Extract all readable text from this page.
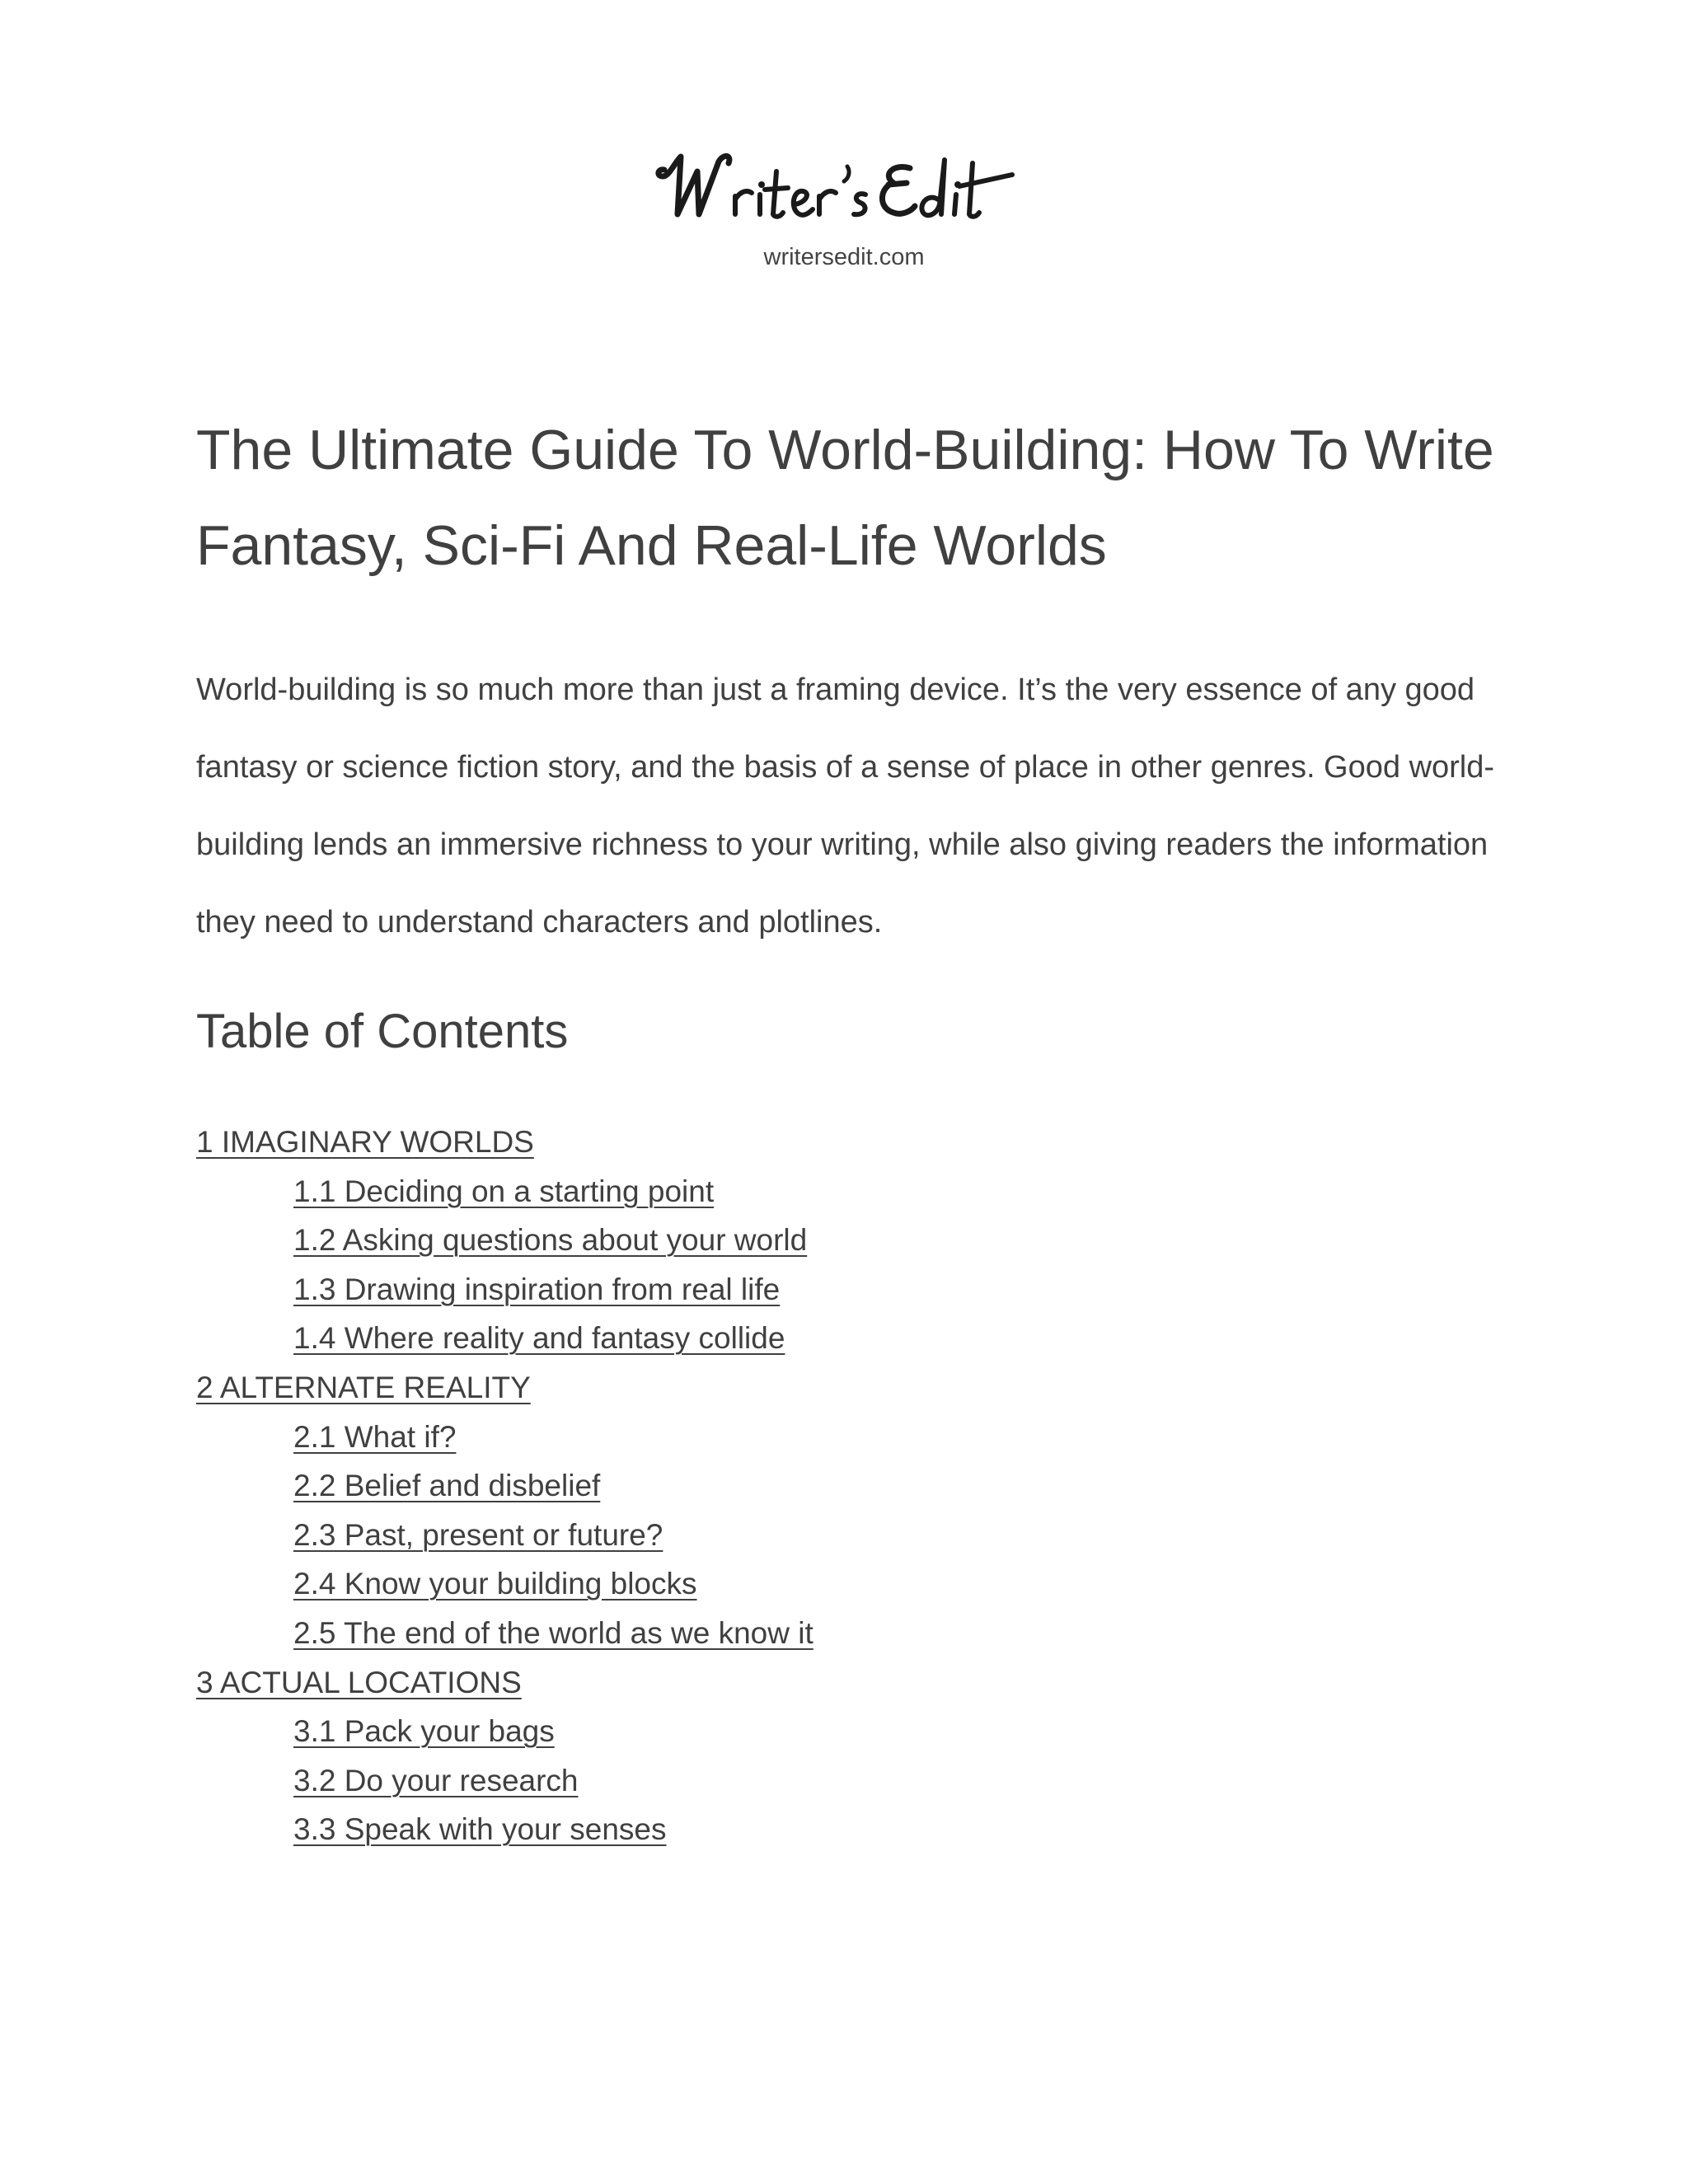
writersedit.com
The Ultimate Guide To World-Building: How To Write Fantasy, Sci-Fi And Real-Life Worlds

World-building is so much more than just a framing device. It’s the very essence of any good fantasy or science fiction story, and the basis of a sense of place in other genres. Good world-building lends an immersive richness to your writing, while also giving readers the information they need to understand characters and plotlines.

Table of Contents
1 IMAGINARY WORLDS
1.1 Deciding on a starting point
1.2 Asking questions about your world
1.3 Drawing inspiration from real life
1.4 Where reality and fantasy collide
2 ALTERNATE REALITY
2.1 What if?
2.2 Belief and disbelief
2.3 Past, present or future?
2.4 Know your building blocks
2.5 The end of the world as we know it
3 ACTUAL LOCATIONS
3.1 Pack your bags
3.2 Do your research
3.3 Speak with your senses
